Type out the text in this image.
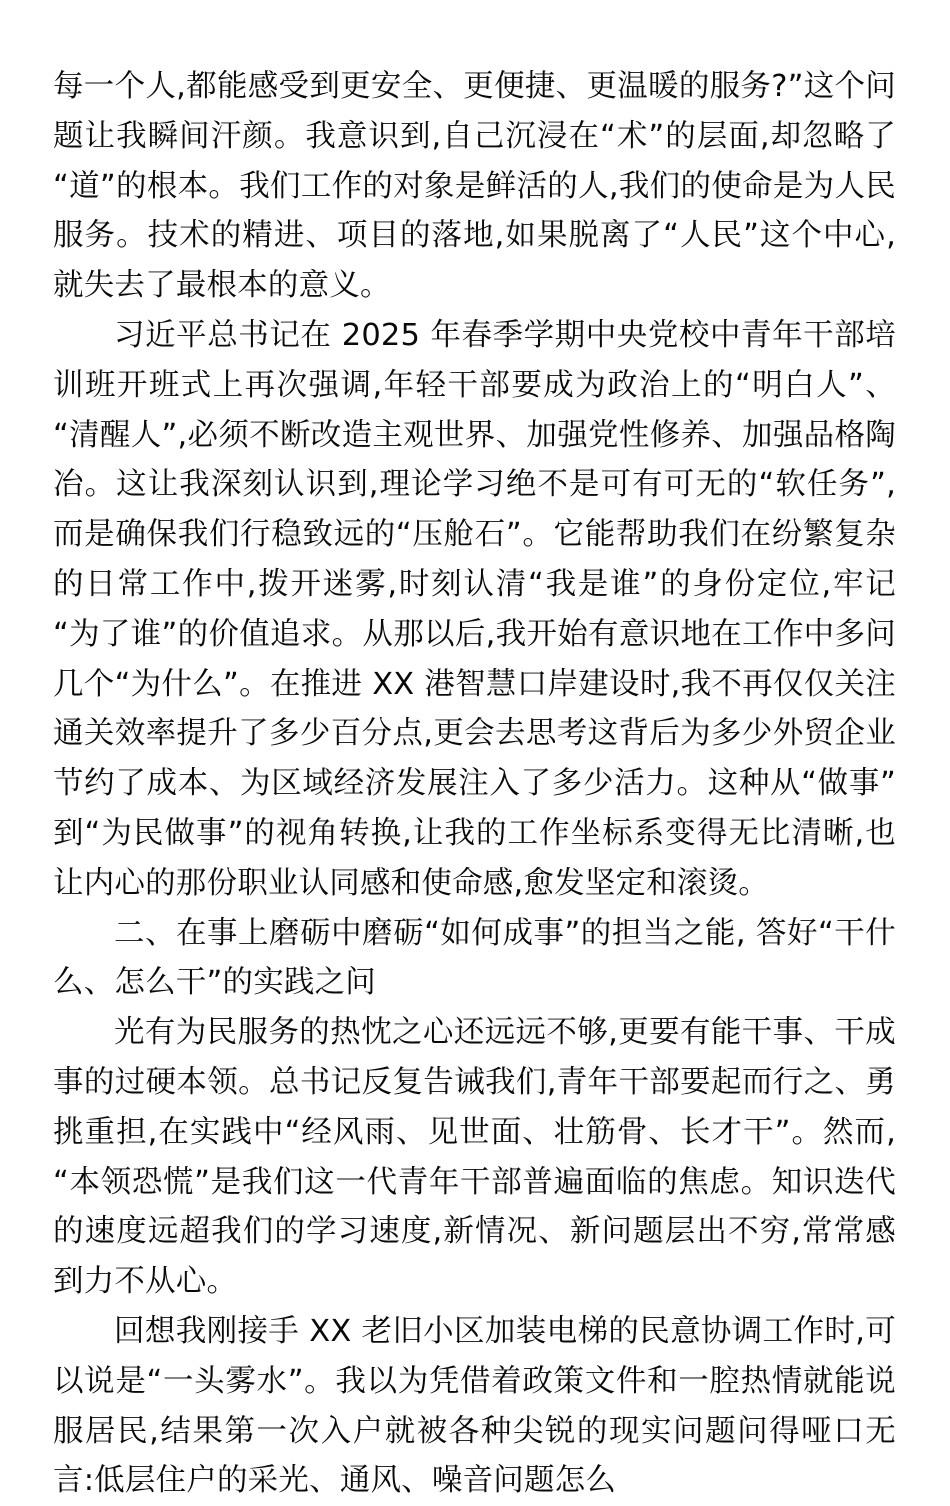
每一个人,都能感受到更安全、更便捷、更温暖的服务?”这个问题让我瞬间汗颜。我意识到,自己沉浸在“术”的层面,却忽略了“道”的根本。我们工作的对象是鲜活的人,我们的使命是为人民服务。技术的精进、项目的落地,如果脱离了“人民”这个中心,就失去了最根本的意义。

习近平总书记在 2025 年春季学期中央党校中青年干部培训班开班式上再次强调,年轻干部要成为政治上的“明白人”、“清醒人”,必须不断改造主观世界、加强党性修养、加强品格陶冶。这让我深刻认识到,理论学习绝不是可有可无的“软任务”,而是确保我们行稳致远的“压舱石”。它能帮助我们在纷繁复杂的日常工作中,拨开迷雾,时刻认清“我是谁”的身份定位,牢记“为了谁”的价值追求。从那以后,我开始有意识地在工作中多问几个“为什么”。在推进 XX 港智慧口岸建设时,我不再仅仅关注通关效率提升了多少百分点,更会去思考这背后为多少外贸企业节约了成本、为区域经济发展注入了多少活力。这种从“做事”到“为民做事”的视角转换,让我的工作坐标系变得无比清晰,也让内心的那份职业认同感和使命感,愈发坚定和滚烫。

二、在事上磨砺中磨砺“如何成事”的担当之能, 答好“干什么、怎么干”的实践之问

光有为民服务的热忱之心还远远不够,更要有能干事、干成事的过硬本领。总书记反复告诫我们,青年干部要起而行之、勇挑重担,在实践中“经风雨、见世面、壮筋骨、长才干”。然而,“本领恐慌”是我们这一代青年干部普遍面临的焦虑。知识迭代的速度远超我们的学习速度,新情况、新问题层出不穷,常常感到力不从心。

回想我刚接手 XX 老旧小区加装电梯的民意协调工作时,可以说是“一头雾水”。我以为凭借着政策文件和一腔热情就能说服居民,结果第一次入户就被各种尖锐的现实问题问得哑口无言:低层住户的采光、通风、噪音问题怎么
